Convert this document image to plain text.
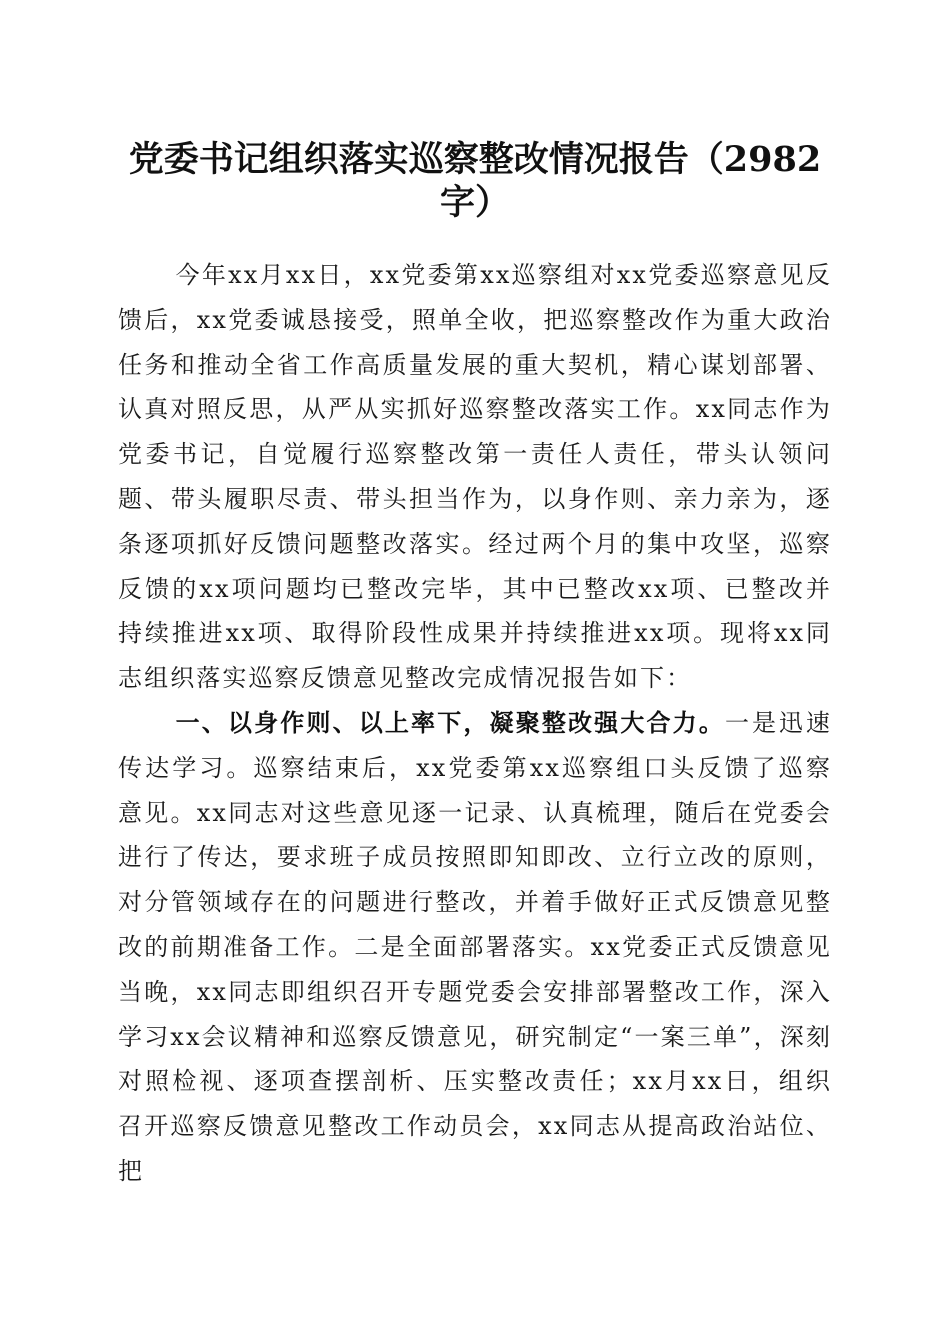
党委书记组织落实巡察整改情况报告（2982字）

今年xx月xx日，xx党委第xx巡察组对xx党委巡察意见反馈后，xx党委诚恳接受，照单全收，把巡察整改作为重大政治任务和推动全省工作高质量发展的重大契机，精心谋划部署、认真对照反思，从严从实抓好巡察整改落实工作。xx同志作为党委书记，自觉履行巡察整改第一责任人责任，带头认领问题、带头履职尽责、带头担当作为，以身作则、亲力亲为，逐条逐项抓好反馈问题整改落实。经过两个月的集中攻坚，巡察反馈的xx项问题均已整改完毕，其中已整改xx项、已整改并持续推进xx项、取得阶段性成果并持续推进xx项。现将xx同志组织落实巡察反馈意见整改完成情况报告如下：

一、以身作则、以上率下，凝聚整改强大合力。一是迅速传达学习。巡察结束后，xx党委第xx巡察组口头反馈了巡察意见。xx同志对这些意见逐一记录、认真梳理，随后在党委会进行了传达，要求班子成员按照即知即改、立行立改的原则，对分管领域存在的问题进行整改，并着手做好正式反馈意见整改的前期准备工作。二是全面部署落实。xx党委正式反馈意见当晚，xx同志即组织召开专题党委会安排部署整改工作，深入学习xx会议精神和巡察反馈意见，研究制定“一案三单”，深刻对照检视、逐项查摆剖析、压实整改责任；xx月xx日，组织召开巡察反馈意见整改工作动员会，xx同志从提高政治站位、把
